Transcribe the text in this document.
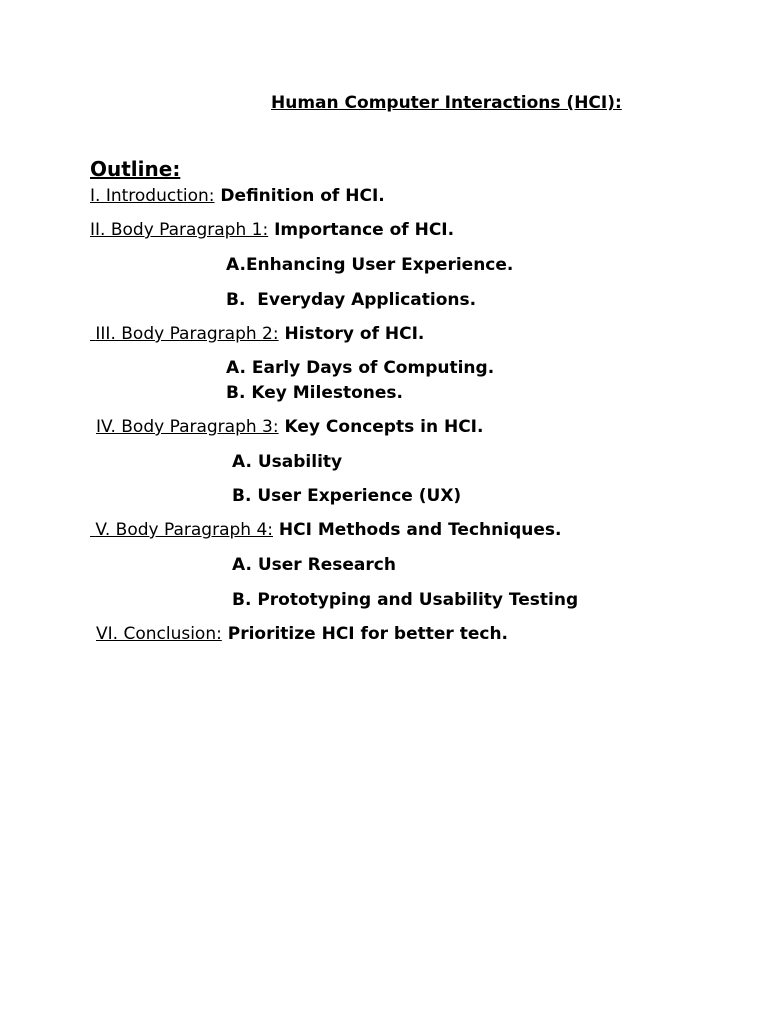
Human Computer Interactions (HCI):
Outline:
I. Introduction: Definition of HCI.
II. Body Paragraph 1: Importance of HCI.
A.Enhancing User Experience.
B. Everyday Applications.
III. Body Paragraph 2: History of HCI.
A. Early Days of Computing.
B. Key Milestones.
IV. Body Paragraph 3: Key Concepts in HCI.
A. Usability
B. User Experience (UX)
V. Body Paragraph 4: HCI Methods and Techniques.
A. User Research
B. Prototyping and Usability Testing
VI. Conclusion: Prioritize HCI for better tech.
